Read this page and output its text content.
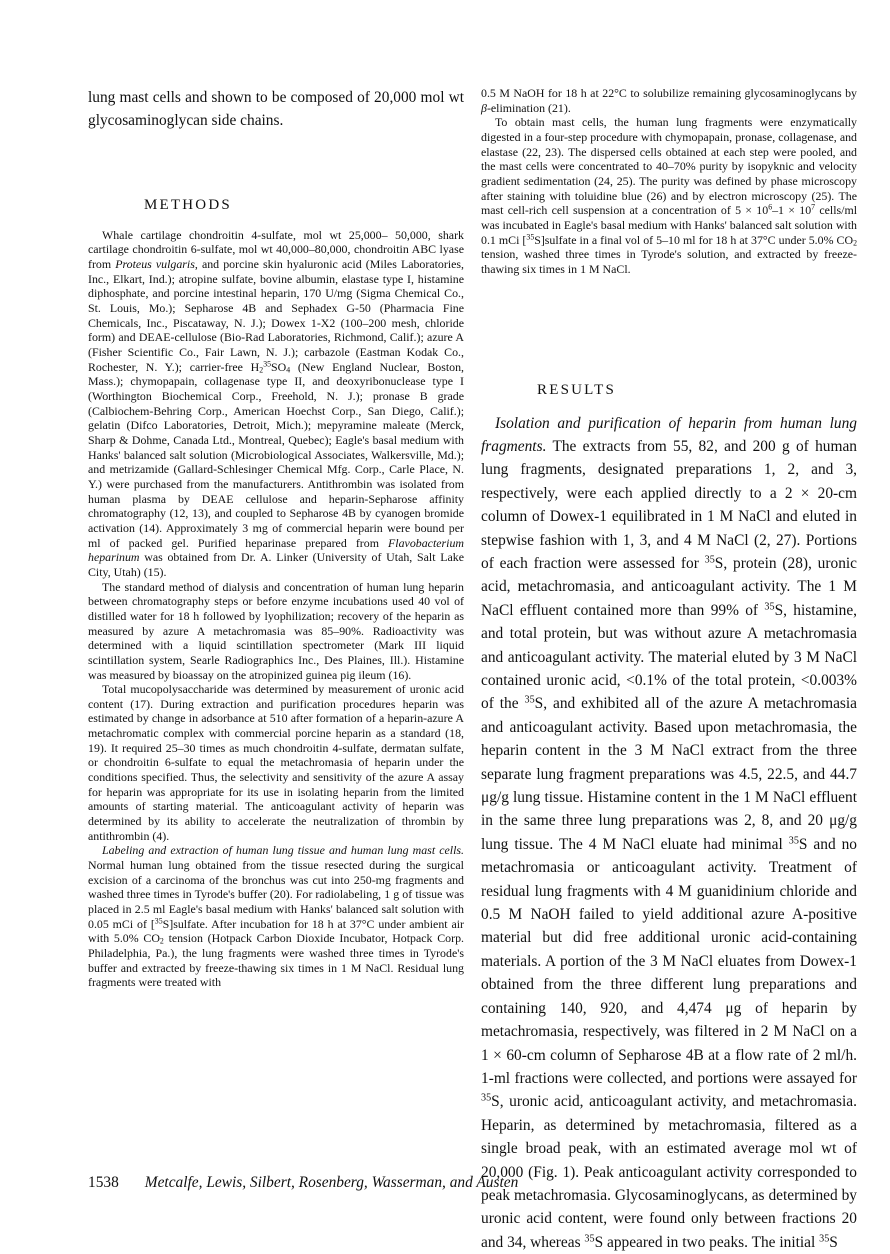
lung mast cells and shown to be composed of 20,000 mol wt glycosaminoglycan side chains.

METHODS

Whale cartilage chondroitin 4-sulfate, mol wt 25,000– 50,000, shark cartilage chondroitin 6-sulfate, mol wt 40,000–80,000, chondroitin ABC lyase from Proteus vulgaris, and porcine skin hyaluronic acid (Miles Laboratories, Inc., Elkart, Ind.); atropine sulfate, bovine albumin, elastase type I, histamine diphosphate, and porcine intestinal heparin, 170 U/mg (Sigma Chemical Co., St. Louis, Mo.); Sepharose 4B and Sephadex G-50 (Pharmacia Fine Chemicals, Inc., Piscataway, N. J.); Dowex 1-X2 (100–200 mesh, chloride form) and DEAE-cellulose (Bio-Rad Laboratories, Richmond, Calif.); azure A (Fisher Scientific Co., Fair Lawn, N. J.); carbazole (Eastman Kodak Co., Rochester, N. Y.); carrier-free $H_2^{35}SO_4$ (New England Nuclear, Boston, Mass.); chymopapain, collagenase type II, and deoxyribonuclease type I (Worthington Biochemical Corp., Freehold, N. J.); pronase B grade (Calbiochem-Behring Corp., American Hoechst Corp., San Diego, Calif.); gelatin (Difco Laboratories, Detroit, Mich.); mepyramine maleate (Merck, Sharp & Dohme, Canada Ltd., Montreal, Quebec); Eagle's basal medium with Hanks' balanced salt solution (Microbiological Associates, Walkersville, Md.); and metrizamide (Gallard-Schlesinger Chemical Mfg. Corp., Carle Place, N. Y.) were purchased from the manufacturers. Antithrombin was isolated from human plasma by DEAE cellulose and heparin-Sepharose affinity chromatography (12, 13), and coupled to Sepharose 4B by cyanogen bromide activation (14). Approximately 3 mg of commercial heparin were bound per ml of packed gel. Purified heparinase prepared from Flavobacterium heparinum was obtained from Dr. A. Linker (University of Utah, Salt Lake City, Utah) (15).

The standard method of dialysis and concentration of human lung heparin between chromatography steps or before enzyme incubations used 40 vol of distilled water for 18 h followed by lyophilization; recovery of the heparin as measured by azure A metachromasia was 85–90%. Radioactivity was determined with a liquid scintillation spectrometer (Mark III liquid scintillation system, Searle Radiographics Inc., Des Plaines, Ill.). Histamine was measured by bioassay on the atropinized guinea pig ileum (16).

Total mucopolysaccharide was determined by measurement of uronic acid content (17). During extraction and purification procedures heparin was estimated by change in adsorbance at 510 after formation of a heparin-azure A metachromatic complex with commercial porcine heparin as a standard (18, 19). It required 25–30 times as much chondroitin 4-sulfate, dermatan sulfate, or chondroitin 6-sulfate to equal the metachromasia of heparin under the conditions specified. Thus, the selectivity and sensitivity of the azure A assay for heparin was appropriate for its use in isolating heparin from the limited amounts of starting material. The anticoagulant activity of heparin was determined by its ability to accelerate the neutralization of thrombin by antithrombin (4).

Labeling and extraction of human lung tissue and human lung mast cells. Normal human lung obtained from the tissue resected during the surgical excision of a carcinoma of the bronchus was cut into 250-mg fragments and washed three times in Tyrode's buffer (20). For radiolabeling, 1 g of tissue was placed in 2.5 ml Eagle's basal medium with Hanks' balanced salt solution with 0.05 mCi of [$^{35}$S]sulfate. After incubation for 18 h at 37°C under ambient air with 5.0% $CO_2$ tension (Hotpack Carbon Dioxide Incubator, Hotpack Corp. Philadelphia, Pa.), the lung fragments were washed three times in Tyrode's buffer and extracted by freeze-thawing six times in 1 M NaCl. Residual lung fragments were treated with

0.5 M NaOH for 18 h at 22°C to solubilize remaining glycosaminoglycans by β-elimination (21).

To obtain mast cells, the human lung fragments were enzymatically digested in a four-step procedure with chymopapain, pronase, collagenase, and elastase (22, 23). The dispersed cells obtained at each step were pooled, and the mast cells were concentrated to 40–70% purity by isopyknic and velocity gradient sedimentation (24, 25). The purity was defined by phase microscopy after staining with toluidine blue (26) and by electron microscopy (25). The mast cell-rich cell suspension at a concentration of $5 \times 10^6-1 \times 10^7$ cells/ml was incubated in Eagle's basal medium with Hanks' balanced salt solution with 0.1 mCi [$^{35}$S]sulfate in a final vol of 5–10 ml for 18 h at 37°C under 5.0% $CO_2$ tension, washed three times in Tyrode's solution, and extracted by freeze-thawing six times in 1 M NaCl.

RESULTS

Isolation and purification of heparin from human lung fragments. The extracts from 55, 82, and 200 g of human lung fragments, designated preparations 1, 2, and 3, respectively, were each applied directly to a 2 × 20-cm column of Dowex-1 equilibrated in 1 M NaCl and eluted in stepwise fashion with 1, 3, and 4 M NaCl (2, 27). Portions of each fraction were assessed for $^{35}$S, protein (28), uronic acid, metachromasia, and anticoagulant activity. The 1 M NaCl effluent contained more than 99% of $^{35}$S, histamine, and total protein, but was without azure A metachromasia and anticoagulant activity. The material eluted by 3 M NaCl contained uronic acid, <0.1% of the total protein, <0.003% of the $^{35}$S, and exhibited all of the azure A metachromasia and anticoagulant activity. Based upon metachromasia, the heparin content in the 3 M NaCl extract from the three separate lung fragment preparations was 4.5, 22.5, and 44.7 μg/g lung tissue. Histamine content in the 1 M NaCl effluent in the same three lung preparations was 2, 8, and 20 μg/g lung tissue. The 4 M NaCl eluate had minimal $^{35}$S and no metachromasia or anticoagulant activity. Treatment of residual lung fragments with 4 M guanidinium chloride and 0.5 M NaOH failed to yield additional azure A-positive material but did free additional uronic acid-containing materials. A portion of the 3 M NaCl eluates from Dowex-1 obtained from the three different lung preparations and containing 140, 920, and 4,474 μg of heparin by metachromasia, respectively, was filtered in 2 M NaCl on a 1 × 60-cm column of Sepharose 4B at a flow rate of 2 ml/h. 1-ml fractions were collected, and portions were assayed for $^{35}$S, uronic acid, anticoagulant activity, and metachromasia. Heparin, as determined by metachromasia, filtered as a single broad peak, with an estimated average mol wt of 20,000 (Fig. 1). Peak anticoagulant activity corresponded to peak metachromasia. Glycosaminoglycans, as determined by uronic acid content, were found only between fractions 20 and 34, whereas $^{35}$S appeared in two peaks. The initial $^{35}$S

1538 Metcalfe, Lewis, Silbert, Rosenberg, Wasserman, and Austen
